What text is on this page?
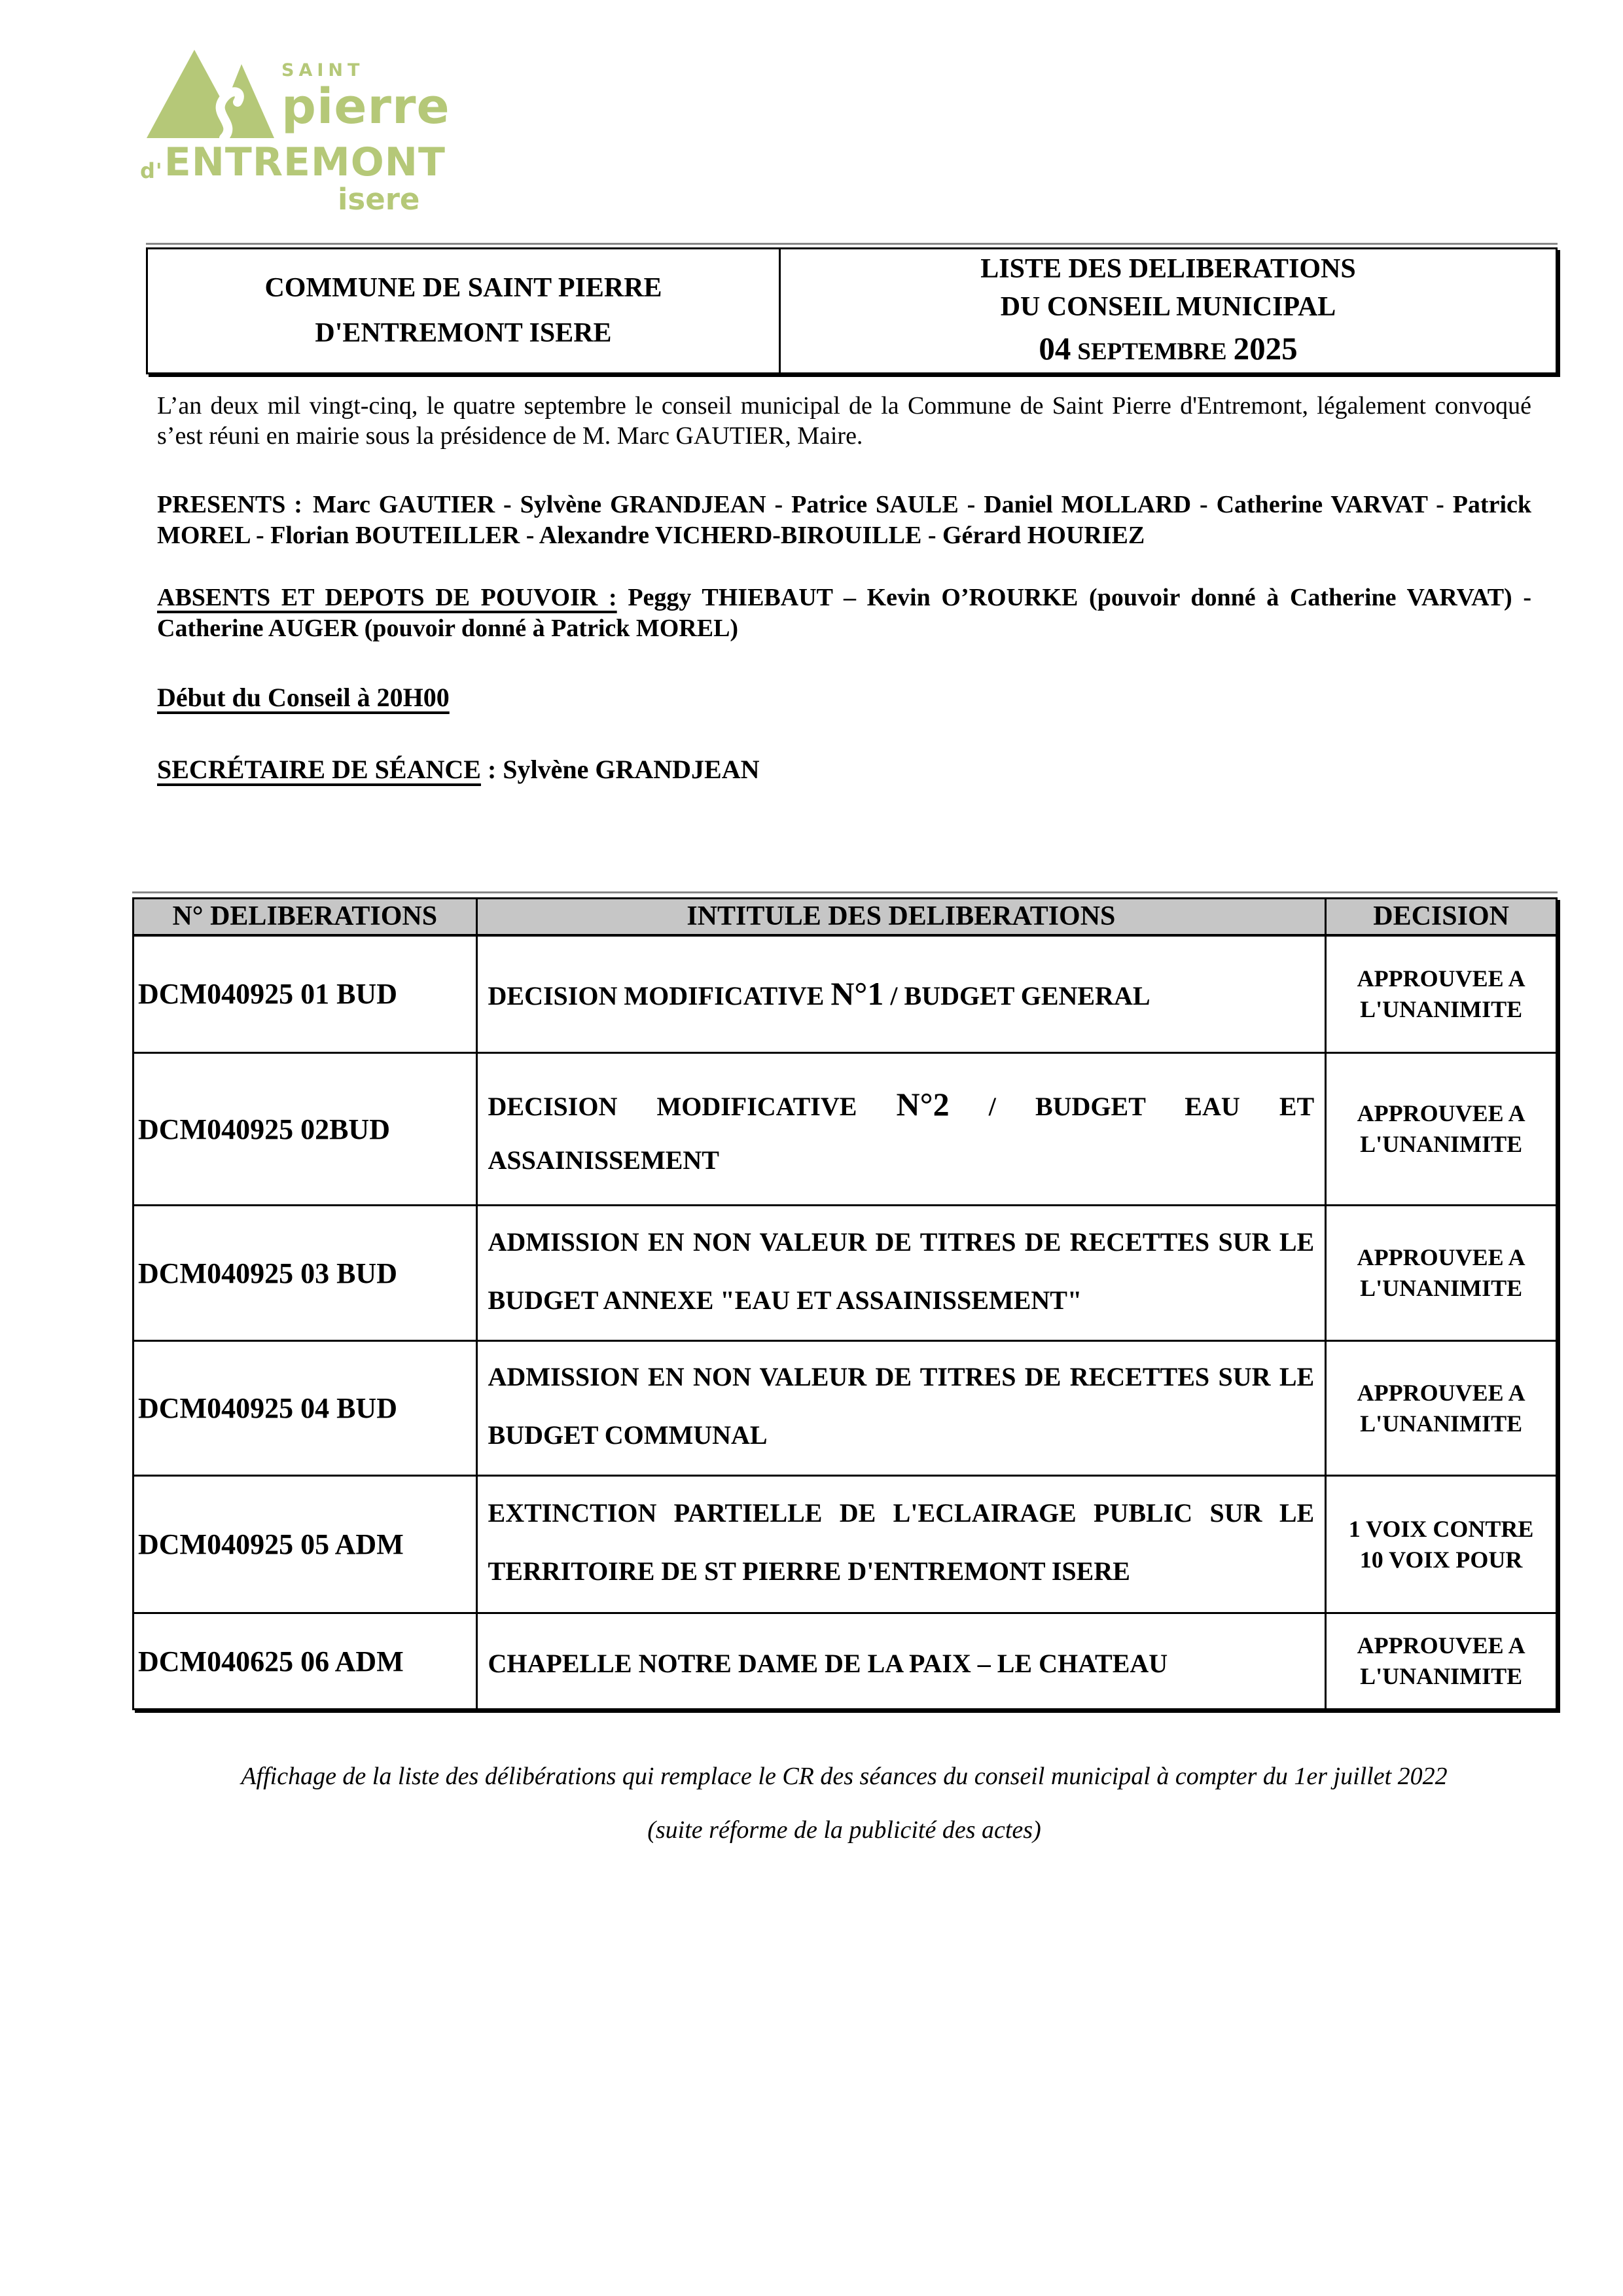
SAINT
pierre
d'ENTREMONT
isere
COMMUNE DE SAINT PIERRE
D'ENTREMONT ISERE
LISTE DES DELIBERATIONS
DU CONSEIL MUNICIPAL
04 SEPTEMBRE 2025

L’an deux mil vingt-cinq, le quatre septembre le conseil municipal de la Commune de Saint Pierre d'Entremont, légalement convoqué s’est réuni en mairie sous la présidence de M. Marc GAUTIER, Maire.

PRESENTS : Marc GAUTIER - Sylvène GRANDJEAN - Patrice SAULE - Daniel MOLLARD - Catherine VARVAT - Patrick MOREL - Florian BOUTEILLER - Alexandre VICHERD-BIROUILLE - Gérard HOURIEZ

ABSENTS ET DEPOTS DE POUVOIR : Peggy THIEBAUT – Kevin O’ROURKE (pouvoir donné à Catherine VARVAT) - Catherine AUGER (pouvoir donné à Patrick MOREL)

Début du Conseil à 20H00

SECRÉTAIRE DE SÉANCE : Sylvène GRANDJEAN

N° DELIBERATIONS	INTITULE DES DELIBERATIONS	DECISION
DCM040925 01 BUD	DECISION MODIFICATIVE N°1 / BUDGET GENERAL	APPROUVEE A
L'UNANIMITE
DCM040925 02BUD	DECISION MODIFICATIVE N°2 / BUDGET EAU ET ASSAINISSEMENT	APPROUVEE A
L'UNANIMITE
DCM040925 03 BUD	ADMISSION EN NON VALEUR DE TITRES DE RECETTES SUR LE BUDGET ANNEXE "EAU ET ASSAINISSEMENT"	APPROUVEE A
L'UNANIMITE
DCM040925 04 BUD	ADMISSION EN NON VALEUR DE TITRES DE RECETTES SUR LE BUDGET COMMUNAL	APPROUVEE A
L'UNANIMITE
DCM040925 05 ADM	EXTINCTION PARTIELLE DE L'ECLAIRAGE PUBLIC SUR LE TERRITOIRE DE ST PIERRE D'ENTREMONT ISERE	1 VOIX CONTRE
10 VOIX POUR
DCM040625 06 ADM	CHAPELLE NOTRE DAME DE LA PAIX – LE CHATEAU	APPROUVEE A
L'UNANIMITE

Affichage de la liste des délibérations qui remplace le CR des séances du conseil municipal à compter du 1er juillet 2022

(suite réforme de la publicité des actes)
